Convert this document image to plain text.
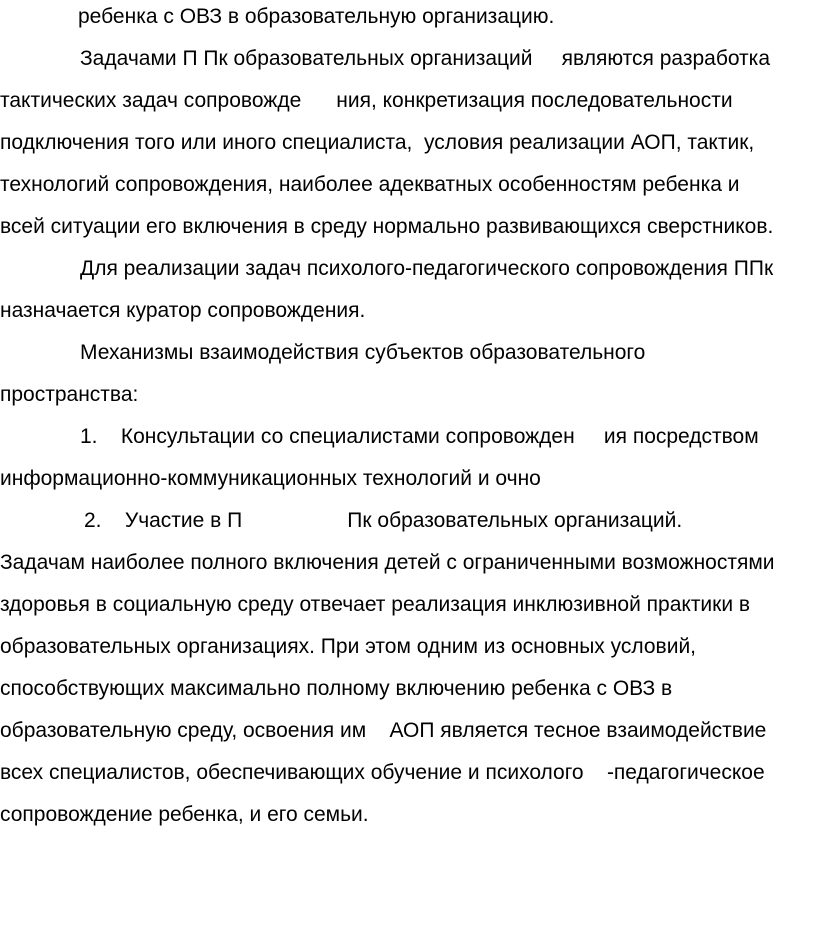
ребенка с ОВЗ в образовательную организацию.
Задачами П Пк образовательных организаций     являются разработка
тактических задач сопровожде      ния, конкретизация последовательности
подключения того или иного специалиста,  условия реализации АОП, тактик,
технологий сопровождения, наиболее адекватных особенностям ребенка и
всей ситуации его включения в среду нормально развивающихся сверстников.
Для реализации задач психолого-педагогического сопровождения ППк
назначается куратор сопровождения.
Механизмы взаимодействия субъектов образовательного
пространства:
1.    Консультации со специалистами сопровожден     ия посредством
информационно-коммуникационных технологий и очно
2.    Участие в П                  Пк образовательных организаций.
Задачам наиболее полного включения детей с ограниченными возможностями
здоровья в социальную среду отвечает реализация инклюзивной практики в
образовательных организациях. При этом одним из основных условий,
способствующих максимально полному включению ребенка с ОВЗ в
образовательную среду, освоения им    АОП является тесное взаимодействие
всех специалистов, обеспечивающих обучение и психолого    -педагогическое
сопровождение ребенка, и его семьи.
